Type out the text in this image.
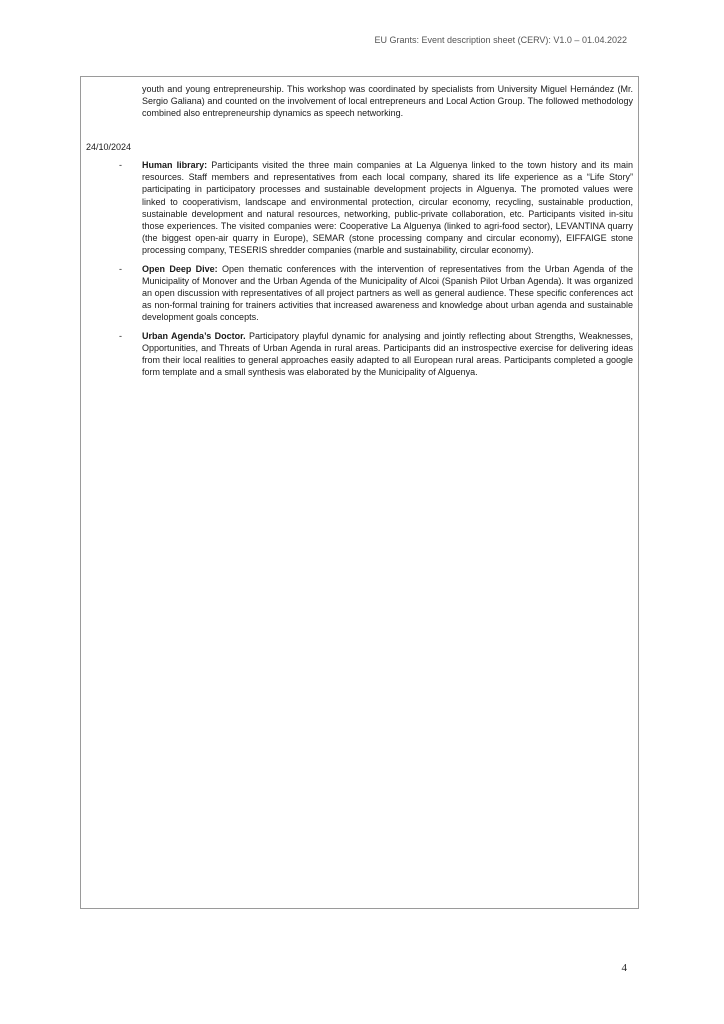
EU Grants: Event description sheet (CERV): V1.0 – 01.04.2022
youth and young entrepreneurship. This workshop was coordinated by specialists from University Miguel Hernández (Mr. Sergio Galiana) and counted on the involvement of local entrepreneurs and Local Action Group. The followed methodology combined also entrepreneurship dynamics as speech networking.
24/10/2024
- Human library: Participants visited the three main companies at La Alguenya linked to the town history and its main resources. Staff members and representatives from each local company, shared its life experience as a “Life Story” participating in participatory processes and sustainable development projects in Alguenya. The promoted values were linked to cooperativism, landscape and environmental protection, circular economy, recycling, sustainable production, sustainable development and natural resources, networking, public-private collaboration, etc. Participants visited in-situ those experiences. The visited companies were: Cooperative La Alguenya (linked to agri-food sector), LEVANTINA quarry (the biggest open-air quarry in Europe), SEMAR (stone processing company and circular economy), EIFFAIGE stone processing company, TESERIS shredder companies (marble and sustainability, circular economy).
- Open Deep Dive: Open thematic conferences with the intervention of representatives from the Urban Agenda of the Municipality of Monover and the Urban Agenda of the Municipality of Alcoi (Spanish Pilot Urban Agenda). It was organized an open discussion with representatives of all project partners as well as general audience. These specific conferences act as non-formal training for trainers activities that increased awareness and knowledge about urban agenda and sustainable development goals concepts.
- Urban Agenda’s Doctor. Participatory playful dynamic for analysing and jointly reflecting about Strengths, Weaknesses, Opportunities, and Threats of Urban Agenda in rural areas. Participants did an instrospective exercise for delivering ideas from their local realities to general approaches easily adapted to all European rural areas. Participants completed a google form template and a small synthesis was elaborated by the Municipality of Alguenya.
4
